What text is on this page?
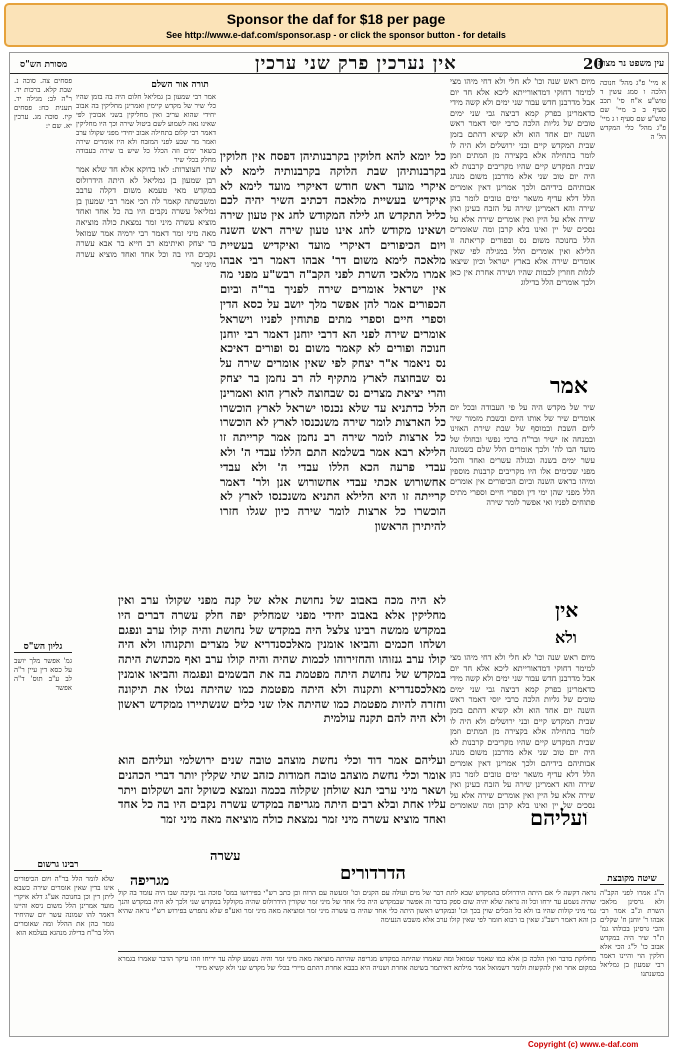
Sponsor the daf for $18 per page
See http://www.e-daf.com/sponsor.asp - or click the sponsor button - for details
עין משפט נר מצוה
20
אין נערכין פרק שני ערכין
מסורת הש"ס
א מיי' פ"ג מהל' חנוכה הלכה ו סמג עשין ד טוש"ע א"ח סי' תכב סעיף ב ב מיי' שם טוש"ע שם סעיף ו ג מיי' פ"ג מהל' כלי המקדש הל' ה
מיום ראש שנה וכו' לא חלי ולא דחי מיהו מצי למימר דחוקי דמדאורייתא ליכא אלא חד יום אבל מדרבנן חדש עבור שני ימים ולא קשה מידי כדאמרינן בפרק קמא דביצה גבי שני ימים טובים של גליות הלכה כרבי יוסי דאמר ראש השנה יום אחד הוא ולא קשיא דהתם בזמן שבית המקדש קיים ובני ירושלים ולא היה לו לומר בתחילה אלא בקצירה מן המתים וזמן שבית המקדש קיים שהיו מקריבים קרבנות לא היה יום טוב שני אלא מדרבנן משום מנהג אבותיהם בידיהם ולכך אמרינן דאין אומרים הלל דלא עדיף משאר ימים טובים לומר בהן שירה והא דאמרינן שירה על הזבח בעינן ואין שירה אלא על היין ואין אומרים שירה אלא על נסכים של יין ואינו בלא קרבן ומה שאומרים הלל בחנוכה משום נס ובפורים קריאתה זו הלילא ואין אומרים הלל במגילה לפי שאין אומרים שירה אלא בארץ ישראל וכיון שיצאו לגלות חוזרין לכמות שהיו ושירה אחרת אין כאן ולכך אומרים הלל בדילוג
אמר
שיר של מקדש היה על פי העבודה ובכל יום אומרים שיר של אותו היום ובשבת מזמור שיר ליום השבת ובמוסף של שבת שירת האזינו ובמנחה אז ישיר ובר"ח ברכי נפשי ובחולו של מועד הבו לה' ולכך אומרים הלל שלם בשמונה עשר ימים בשנה ובגולה עשרים ואחד והכל מפני שבימים אלו היו מקריבים קרבנות מוספין ומיהו בראש השנה וביום הכיפורים אין אומרים הלל מפני שהן ימי דין וספרי חיים וספרי מתים פתוחים לפניו ואי אפשר לומר שירה
אין
ולא
מיום ראש שנה וכו' לא חלי ולא דחי מיהו מצי למימר דחוקי דמדאורייתא ליכא אלא חד יום אבל מדרבנן חדש עבור שני ימים ולא קשה מידי כדאמרינן בפרק קמא דביצה גבי שני ימים טובים של גליות הלכה כרבי יוסי דאמר ראש השנה יום אחד הוא ולא קשיא דהתם בזמן שבית המקדש קיים ובני ירושלים ולא היה לו לומר בתחילה אלא בקצירה מן המתים וזמן שבית המקדש קיים שהיו מקריבים קרבנות לא היה יום טוב שני אלא מדרבנן משום מנהג אבותיהם בידיהם ולכך אמרינן דאין אומרים הלל דלא עדיף משאר ימים טובים לומר בהן שירה והא דאמרינן שירה על הזבח בעינן ואין שירה אלא על היין ואין אומרים שירה אלא על נסכים של יין ואינו בלא קרבן ומה שאומרים	ועליהם
שיטה מקובצת
ה"ג אמרו לפני הקב"ה ולא גרסינן מלאכי השרת ונ"ב אמר רבי אבהו ר' יוחנן ח' שקלים והכי גרסינן בכולהו גמ' ת"ר שיר היה במקדש אבוב כו' ל"ג הכי אלא חלקין הוי והיינו דאמר רבי שמעון בן גמליאל במשנתנו
כל יומא להא חלוקין בקרבנותיהן דפסח אין חלוקין בקרבנותיהן שבת הלוקה בקרבנותיה לימא לא איקרי מועד ראש חודש דאיקרי מועד לימא לא איקדיש בעשיית מלאכה דכתיב השיר יהיה לכם כליל התקדש חג לילה המקודש לחג אין טעון שירה ושאינו מקודש לחג אינו טעון שירה ראש השנה ויום הכיפורים דאיקרי מועד ואיקדיש בעשיית מלאכה לימא משום דר' אבהו דאמר רבי אבהו אמרו מלאכי השרת לפני הקב"ה רבש"ע מפני מה אין ישראל אומרים שירה לפניך בר"ה וביום הכפורים אמר להן אפשר מלך יושב על כסא הדין וספרי חיים וספרי מתים פתוחין לפניו וישראל אומרים שירה לפני הא דרבי יוחנן דאמר רבי יוחנן חנוכה ופורים לא קאמר משום נס ופורים דאיכא נס ניאמר א"ר יצחק לפי שאין אומרים שירה על נס שבחוצה לארץ מתקיף לה רב נחמן בר יצחק והרי יציאת מצרים נס שבחוצה לארץ הוא ואמרינן הלל כדתניא עד שלא נכנסו ישראל לארץ הוכשרו כל הארצות לומר שירה משנכנסו לארץ לא הוכשרו כל ארצות לומר שירה רב נחמן אמר קרייתה זו הלילא רבא אמר בשלמא התם הללו עבדי ה' ולא עבדי פרעה הכא הללו עבדי ה' ולא עבדי אחשורוש אכתי עבדי אחשורוש אנן ולר' דאמר קרייתה זו היא הלילא התניא משנכנסו לארץ לא הוכשרו כל ארצות לומר שירה כיון שגלו חזרו להיתירן הראשון
לא היה מכה באבוב של נחושת אלא של קנה מפני שקולו ערב ואין מחליקין אלא באבוב יחידי מפני שמחליק יפה חלק עשרה דברים היו במקדש ממשה רבינו צלצל היה במקדש של נחושת והיה קולו ערב ונפגם ושלחו חכמים והביאו אומנין מאלכסנדריא של מצרים ותקנוהו ולא היה קולו ערב גנזוהו והחזירוהו לכמות שהיה והיה קולו ערב ואף מכתשת היתה במקדש של נחושת היתה מפטמת בה את הבשמים ונפגמה והביאו אומנין מאלכסנדריא ותקנוה ולא היתה מפטמת כמו שהיתה נטלו את תיקונה וחזרה להיות מפטמת כמו שהיתה אלו שני כלים שנשתיירו ממקדש ראשון ולא היה להם תקנה עולמית
ועליהם אמר דוד וכלי נחשת מוצהב טובה שנים ירושלמי ועליהם הוא אומר וכלי נחשת מוצהב טובה חמודות כזהב שתי שקלין יותר דברי הכהנים ושאר מיני ערבי תנא שולחן שקלוה בכמה ונמצא כשוקל זהב ושקלום ויתר עליו אחת ובלא רבים היתה מגריפה במקדש עשרה נקבים היו בה כל אחד ואחד מוציא עשרה מיני זמר נמצאת כולה מוציאה מאה מיני זמר
עשרה
תורה אור השלם
אמר רבי שמעון בן גמליאל חלום היה בה בזמן שהיו כלי שיר של מקדש קיימין ואמרינן מחליקין בה אבוב יחידי שהוא עריב ואין מחליקין בשני אבובין לפי שאינו נאה לשמוע לשם ביטול שירה וכך היו מחליקין דאמר רבי קלום בתחילה אבוב יחידי מפני שקולו ערב ואמר מר שבע לפני המזבח ולא היו אומרים שירה בשאר ימים וזה הכלל כל שיש בו שירה בעבודה מחלק בכלי שיר
שתי חצוצרות: לאו בדוקא אלא חד שלא אמר רבן שמעון בן גמליאל לא היתה הידרולוס במקדש מאי טעמא משום דקלה ערבב ומשבשתה קאמר לה הכי אמר רבי שמעון בן גמליאל עשרה נקבים היו בה כל אחד ואחד מוציא עשרה מיני זמר נמצאת כולה מוציאה מאה מיני זמר דאמר רבי ירמיה אמר שמואל בר יצחק ואיתימא רב חייא בר אבא עשרה נקבים היו בה וכל אחד ואחד מוציא עשרה מיני זמר
פסחים צה. סוכה נ. שבת קלא. ברכות יד. ר"ה לב: מגילה יד. תענית כח: פסחים קיז. סוכה מג. ערכין יא. שם י:
גליון הש"ס
גמ' אפשר מלך יושב על כסא דין עיין ר"ה לב ע"ב תוס' ד"ה אפשר
רבינו גרשום
שלא לומר הלל בר"ה ויום הכיפורים אינו בדין שאין אומרים שירה כשבא ליתן דין וכן בחנוכה אע"ג דלא איקרי מועד אמרינן הלל משום ניסא והיינו דאמר להו שמונה עשר יום שהיחיד גומר בהן את ההלל ומה שאומרים הלל בר"ח בדילוג מנהגא בעלמא הוא
הדרדורים
מגריפה
נראה דקשה לי אם היתה הידרולוס בהמקדש שבא לתת דבר של מים ועולה עם הקנים וכו' ומעשה עם הרוח וכן כתב רש"י בפירושו במס' סוכה גבי נקיבה שבו היה עומד בה קול שהיה נשמע עד ירחו וכל זה נראה שלא יהיה שום ספק בדבר זה אפשר שבמקדש היה כלי אחד של מיני זמר שקורין הידרולוס שהיה מקולקל במקדש שני ולכך לא היה במקדש והנך נמי מיני קולות שהיו בו ולא כל הכלים שוין בכך וכו' ובמקדש ראשון היתה כלי אחד שהיה בו עשרה מיני זמר ומוציאה מאה מיני זמר ואע"פ שלא נתפרש בפירוש רש"י נראה שהיא כן והא דאמר רשב"ג שאין בו רבוא חומר לפי שאין קולו ערב אלא משבש הנעימה
מחלוקת בדבר ואין הלכה כן אלא כמו שאמר שמואל ומה שאמרו שהיתה במקדש מגריפה שהיתה מוציאה מאה מיני זמר והיה נשמע קולה עד יריחו וזהו עיקר הדבר שאמרו בגמרא במקום אחר ואין להקשות ולומר דשמואל אמר מילתא דאיתמר בשיטה אחרת ושנויה היא בבבא אחרת דהתם מיירי בכלי של מקדש שני ולא קשיא מידי
Copyright (c) www.e-daf.com
